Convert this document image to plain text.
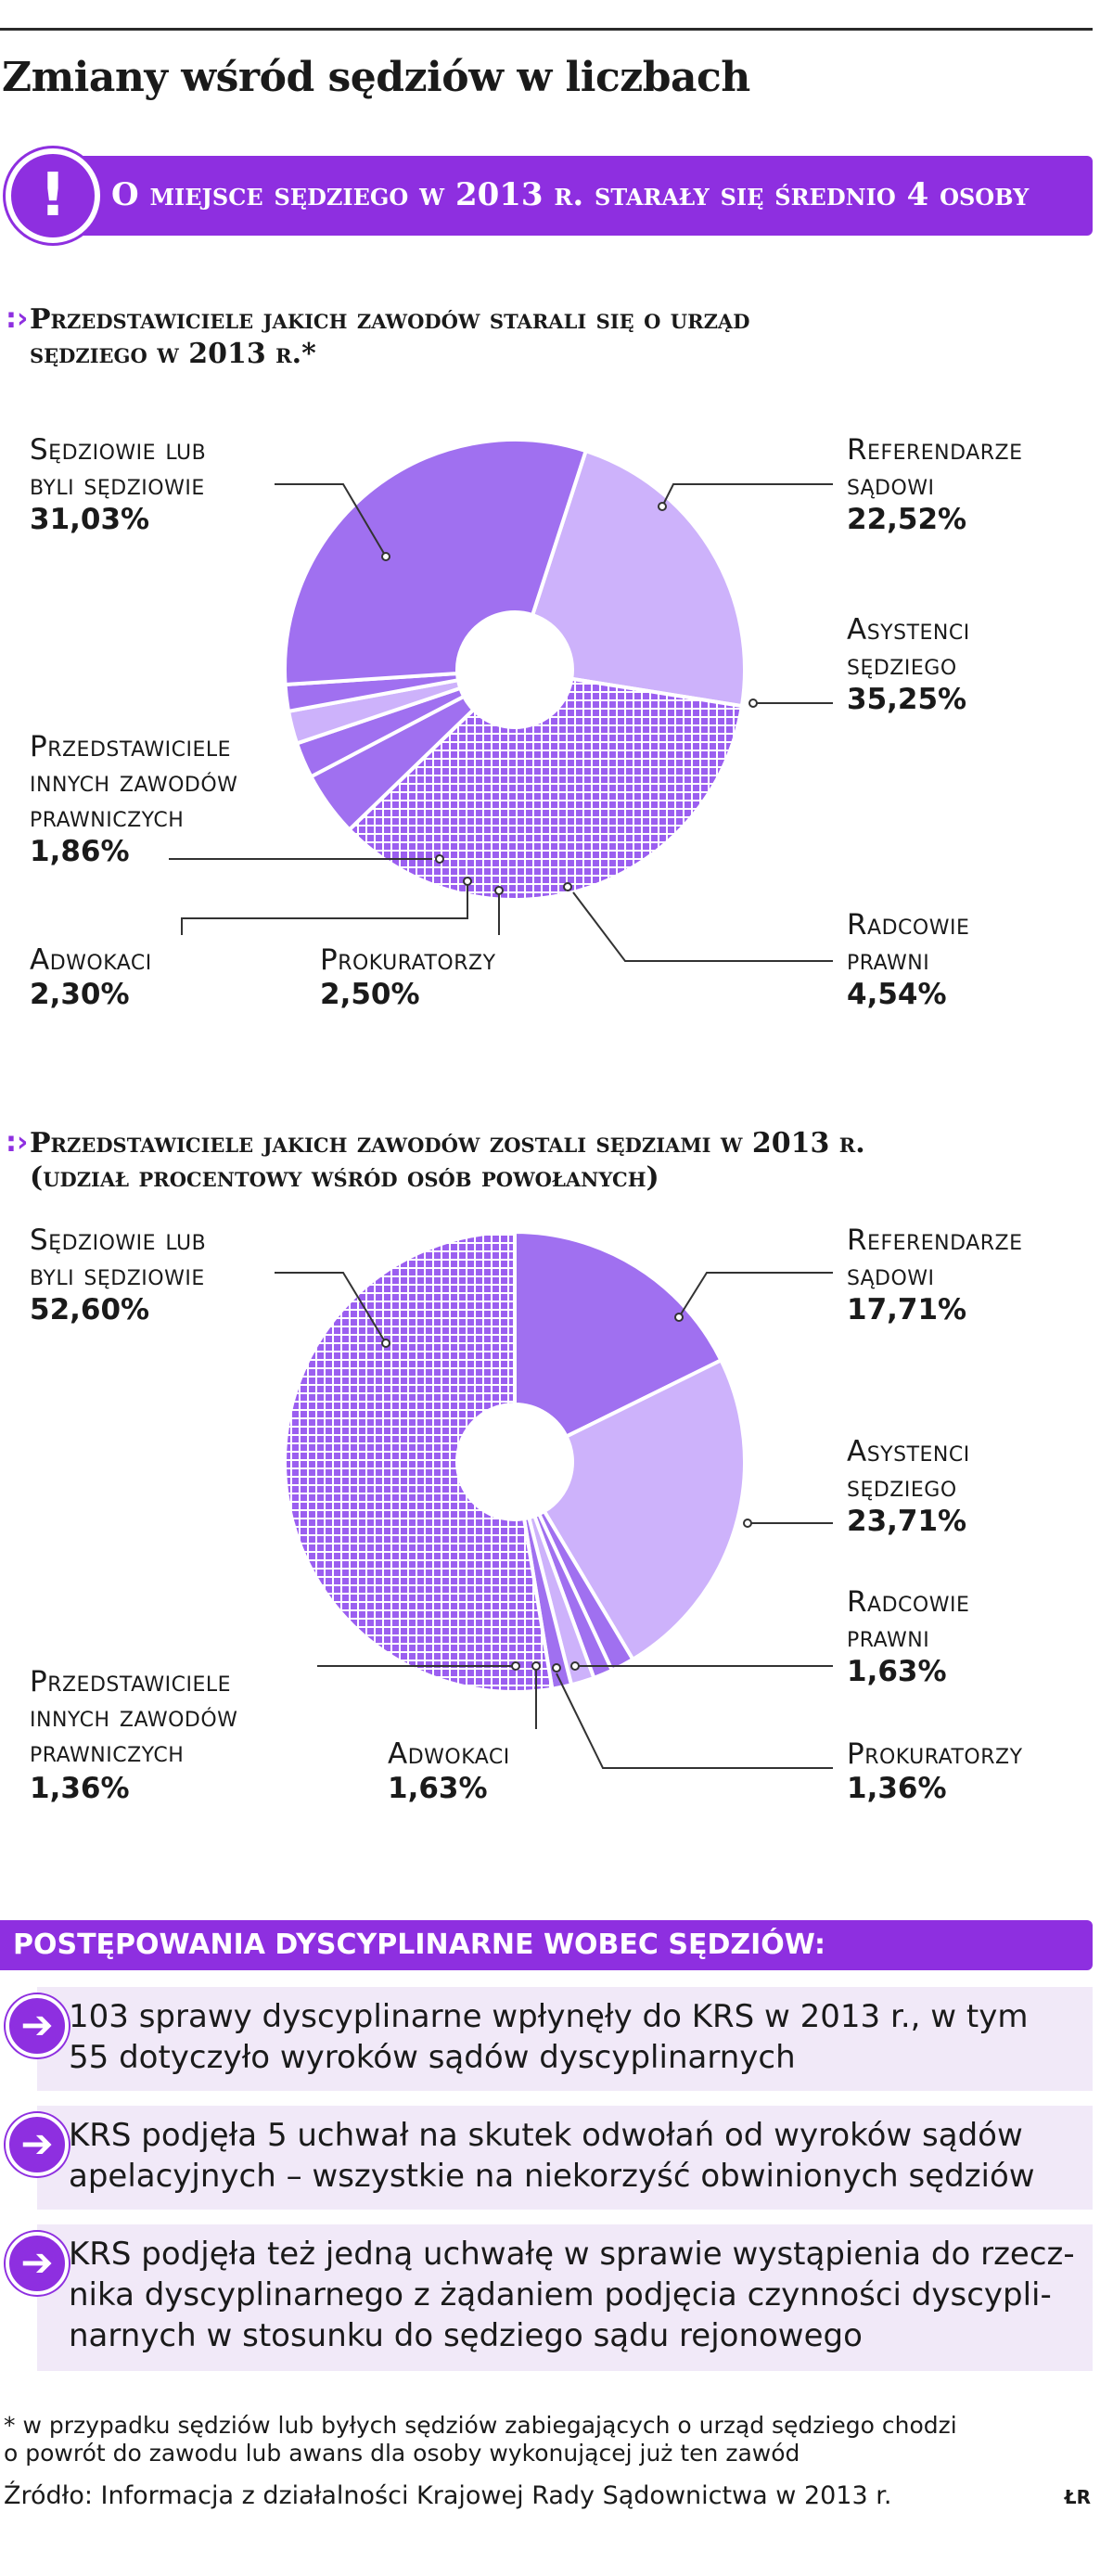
Zmiany wśród sędziów w liczbach
O miejsce sędziego w 2013 r. starały się średnio 4 osoby
!
:› Przedstawiciele jakich zawodów starali się o urząd
sędziego w 2013 r.*
Sędziowie lub
byli sędziowie
31,03%
Referendarze
sądowi
22,52%
Asystenci
sędziego
35,25%
Przedstawiciele
innych zawodów
prawniczych
1,86%
Radcowie
prawni
4,54%
Adwokaci
2,30%
Prokuratorzy
2,50%
:› Przedstawiciele jakich zawodów zostali sędziami w 2013 r.
(udział procentowy wśród osób powołanych)
Sędziowie lub
byli sędziowie
52,60%
Referendarze
sądowi
17,71%
Asystenci
sędziego
23,71%
Radcowie
prawni
1,63%
Przedstawiciele
innych zawodów
prawniczych
1,36%
Adwokaci
1,63%
Prokuratorzy
1,36%
POSTĘPOWANIA DYSCYPLINARNE WOBEC SĘDZIÓW:
103 sprawy dyscyplinarne wpłynęły do KRS w 2013 r., w tym
55 dotyczyło wyroków sądów dyscyplinarnych
➔
KRS podjęła 5 uchwał na skutek odwołań od wyroków sądów
apelacyjnych – wszystkie na niekorzyść obwinionych sędziów
➔
KRS podjęła też jedną uchwałę w sprawie wystąpienia do rzecz-
nika dyscyplinarnego z żądaniem podjęcia czynności dyscypli-
narnych w stosunku do sędziego sądu rejonowego
➔
* w przypadku sędziów lub byłych sędziów zabiegających o urząd sędziego chodzi
o powrót do zawodu lub awans dla osoby wykonującej już ten zawód
Źródło: Informacja z działalności Krajowej Rady Sądownictwa w 2013 r.	ŁR
